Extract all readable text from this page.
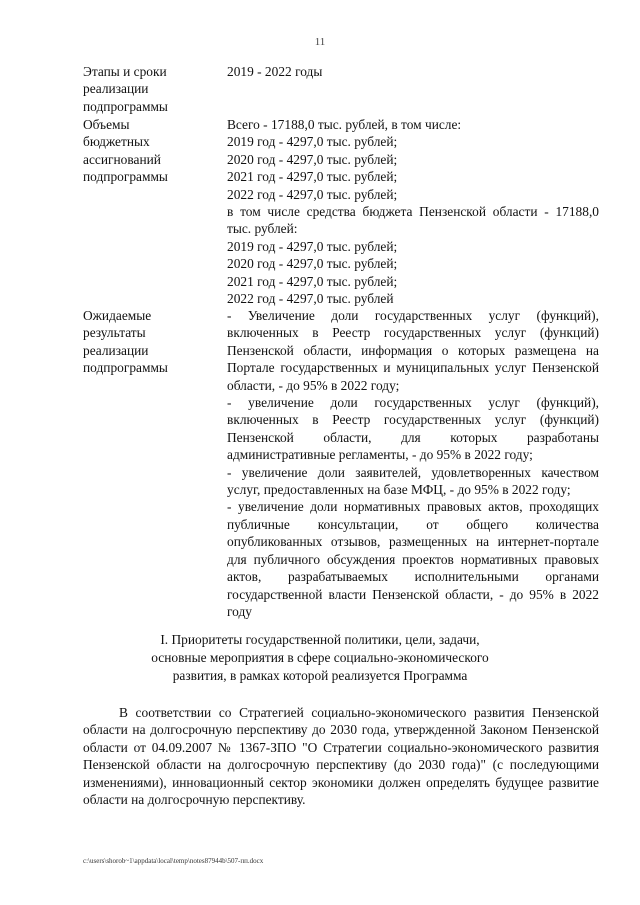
11
Этапы и сроки
реализации
подпрограммы
2019 - 2022 годы
Объемы
бюджетных
ассигнований
подпрограммы
Всего - 17188,0 тыс. рублей, в том числе:
2019 год - 4297,0 тыс. рублей;
2020 год - 4297,0 тыс. рублей;
2021 год - 4297,0 тыс. рублей;
2022 год - 4297,0 тыс. рублей;
в том числе средства бюджета Пензенской области - 17188,0 тыс. рублей:
2019 год - 4297,0 тыс. рублей;
2020 год - 4297,0 тыс. рублей;
2021 год - 4297,0 тыс. рублей;
2022 год - 4297,0 тыс. рублей
Ожидаемые
результаты
реализации
подпрограммы
- Увеличение доли государственных услуг (функций), включенных в Реестр государственных услуг (функций) Пензенской области, информация о которых размещена на Портале государственных и муниципальных услуг Пензенской области, - до 95% в 2022 году;
- увеличение доли государственных услуг (функций), включенных в Реестр государственных услуг (функций) Пензенской области, для которых разработаны административные регламенты, - до 95% в 2022 году;
- увеличение доли заявителей, удовлетворенных качеством услуг, предоставленных на базе МФЦ, - до 95% в 2022 году;
- увеличение доли нормативных правовых актов, проходящих публичные консультации, от общего количества опубликованных отзывов, размещенных на интернет-портале для публичного обсуждения проектов нормативных правовых актов, разрабатываемых исполнительными органами государственной власти Пензенской области, - до 95% в 2022 году
I. Приоритеты государственной политики, цели, задачи,
основные мероприятия в сфере социально-экономического
развития, в рамках которой реализуется Программа
В соответствии со Стратегией социально-экономического развития Пензенской области на долгосрочную перспективу до 2030 года, утвержденной Законом Пензенской области от 04.09.2007 № 1367-ЗПО "О Стратегии социально-экономического развития Пензенской области на долгосрочную перспективу (до 2030 года)" (с последующими изменениями), инновационный сектор экономики должен определять будущее развитие области на долгосрочную перспективу.
c:\users\shorob~1\appdata\local\temp\notes87944b\507-пп.docx
